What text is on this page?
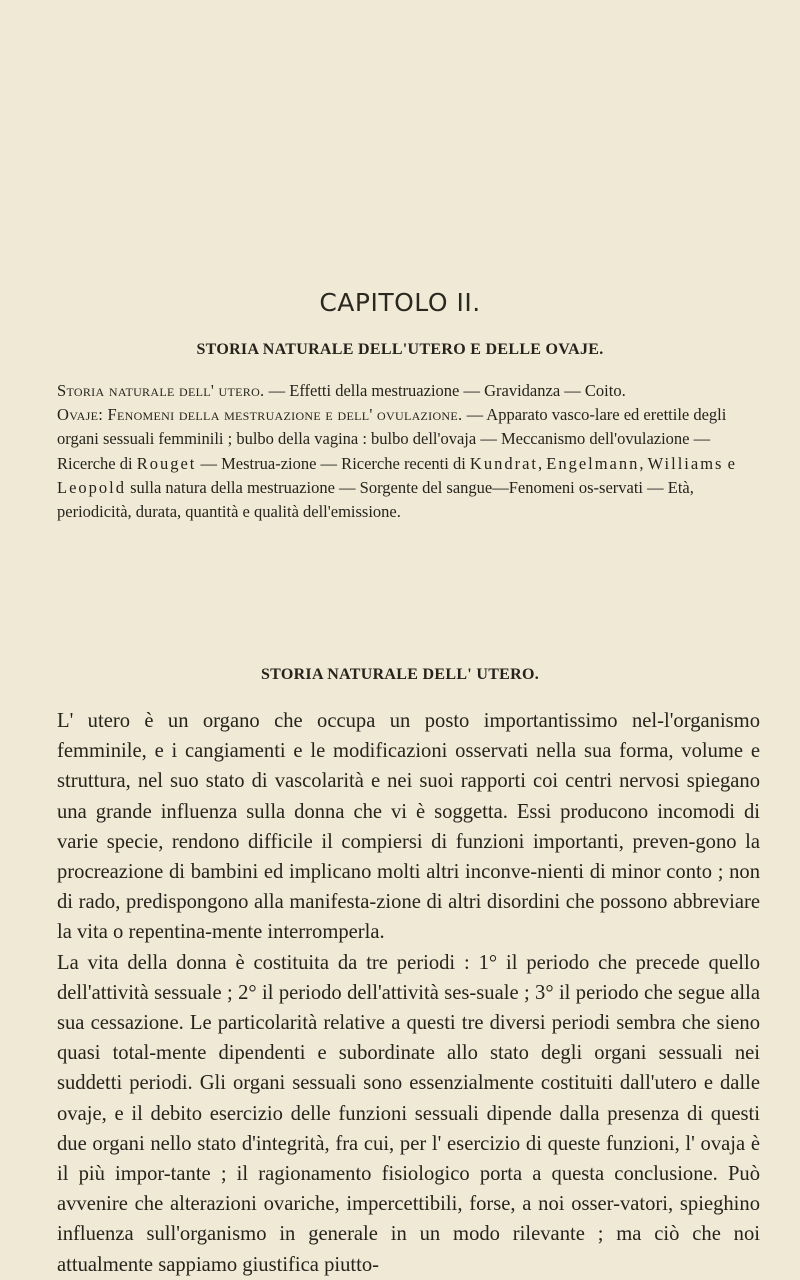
CAPITOLO II.
STORIA NATURALE DELL'UTERO E DELLE OVAJE.

Storia naturale dell' utero. — Effetti della mestruazione — Gravidanza — Coito.

Ovaje: Fenomeni della mestruazione e dell' ovulazione. — Apparato vasco-lare ed erettile degli organi sessuali femminili ; bulbo della vagina : bulbo dell'ovaja — Meccanismo dell'ovulazione — Ricerche di Rouget — Mestrua-zione — Ricerche recenti di Kundrat, Engelmann, Williams e Leopold sulla natura della mestruazione — Sorgente del sangue—Fenomeni os-servati — Età, periodicità, durata, quantità e qualità dell'emissione.

STORIA NATURALE DELL' UTERO.

L' utero è un organo che occupa un posto importantissimo nel-l'organismo femminile, e i cangiamenti e le modificazioni osservati nella sua forma, volume e struttura, nel suo stato di vascolarità e nei suoi rapporti coi centri nervosi spiegano una grande influenza sulla donna che vi è soggetta. Essi producono incomodi di varie specie, rendono difficile il compiersi di funzioni importanti, preven-gono la procreazione di bambini ed implicano molti altri inconve-nienti di minor conto ; non di rado, predispongono alla manifesta-zione di altri disordini che possono abbreviare la vita o repentina-mente interromperla.

La vita della donna è costituita da tre periodi : 1° il periodo che precede quello dell'attività sessuale ; 2° il periodo dell'attività ses-suale ; 3° il periodo che segue alla sua cessazione. Le particolarità relative a questi tre diversi periodi sembra che sieno quasi total-mente dipendenti e subordinate allo stato degli organi sessuali nei suddetti periodi. Gli organi sessuali sono essenzialmente costituiti dall'utero e dalle ovaje, e il debito esercizio delle funzioni sessuali dipende dalla presenza di questi due organi nello stato d'integrità, fra cui, per l' esercizio di queste funzioni, l' ovaja è il più impor-tante ; il ragionamento fisiologico porta a questa conclusione. Può avvenire che alterazioni ovariche, impercettibili, forse, a noi osser-vatori, spieghino influenza sull'organismo in generale in un modo rilevante ; ma ciò che noi attualmente sappiamo giustifica piutto-
